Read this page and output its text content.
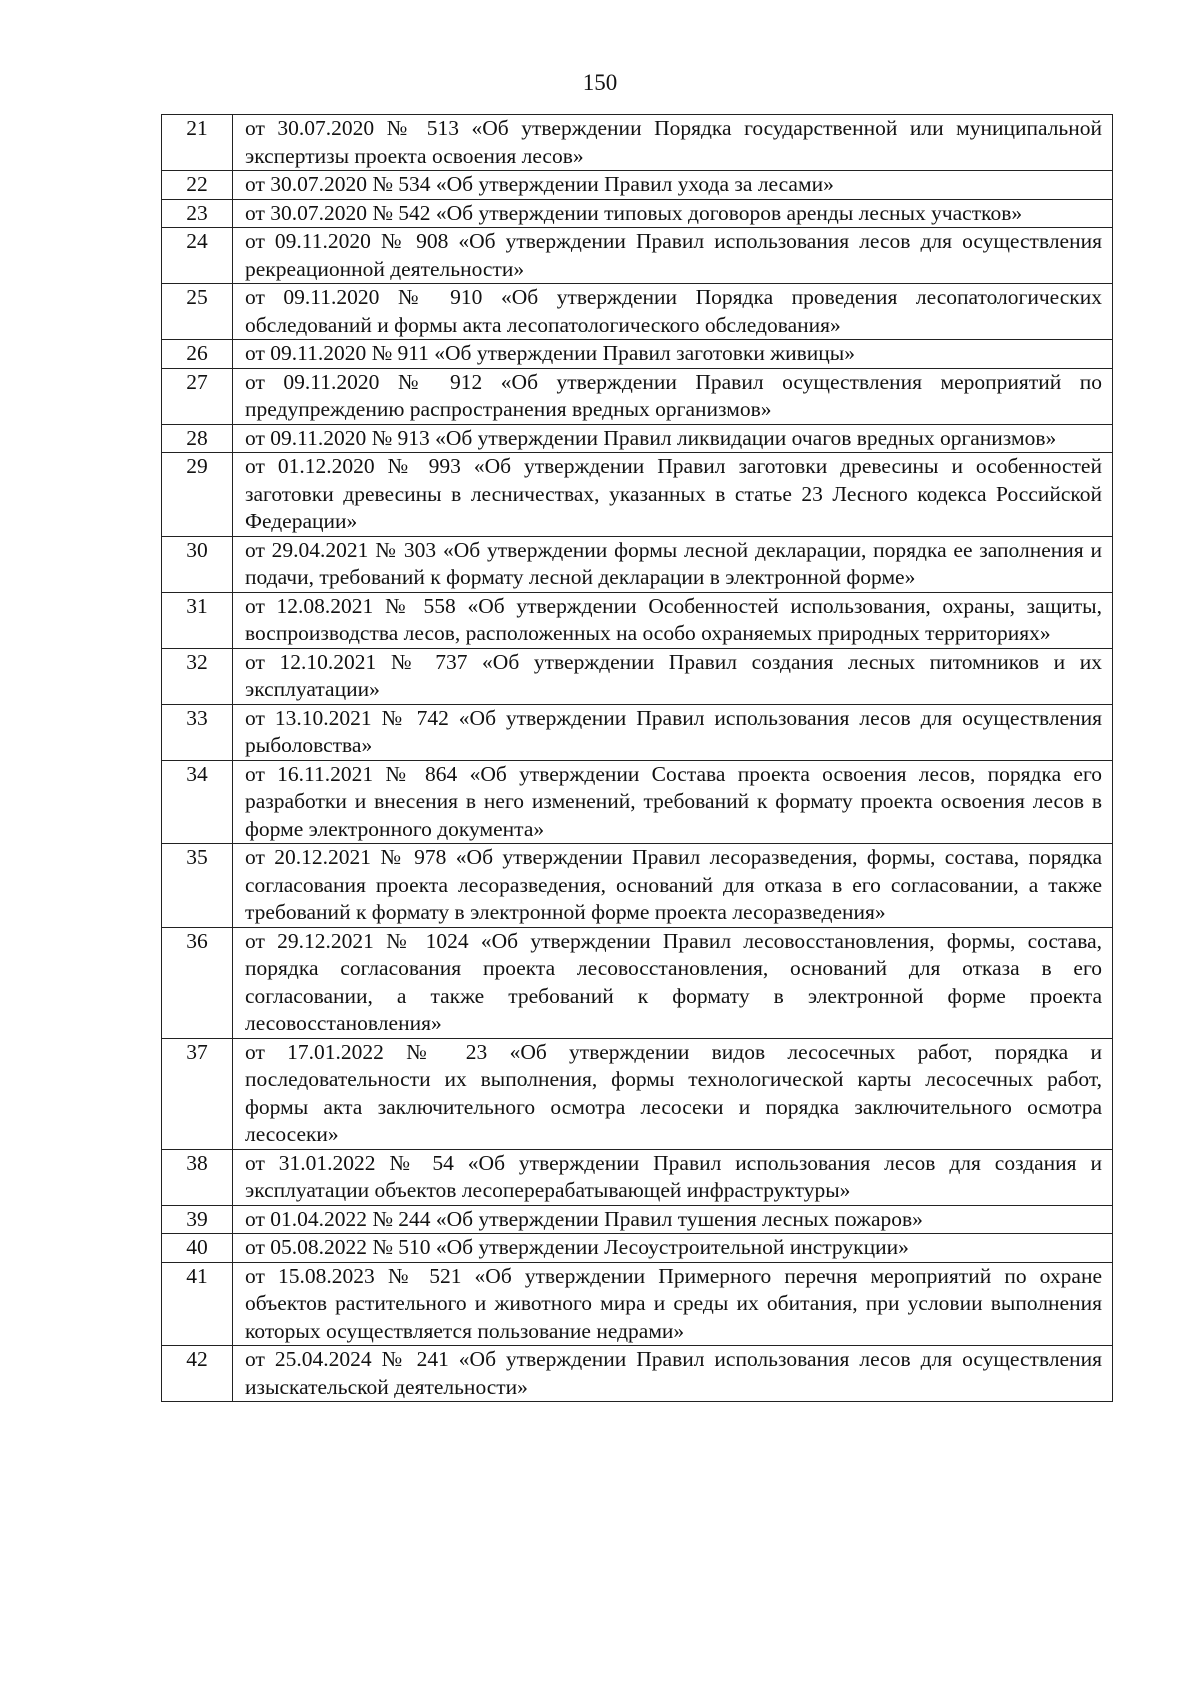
150
21	от 30.07.2020 № 513 «Об утверждении Порядка государственной или муниципальной экспертизы проекта освоения лесов»
22	от 30.07.2020 № 534 «Об утверждении Правил ухода за лесами»
23	от 30.07.2020 № 542 «Об утверждении типовых договоров аренды лесных участков»
24	от 09.11.2020 № 908 «Об утверждении Правил использования лесов для осуществления рекреационной деятельности»
25	от 09.11.2020 № 910 «Об утверждении Порядка проведения лесопатологических обследований и формы акта лесопатологического обследования»
26	от 09.11.2020 № 911 «Об утверждении Правил заготовки живицы»
27	от 09.11.2020 № 912 «Об утверждении Правил осуществления мероприятий по предупреждению распространения вредных организмов»
28	от 09.11.2020 № 913 «Об утверждении Правил ликвидации очагов вредных организмов»
29	от 01.12.2020 № 993 «Об утверждении Правил заготовки древесины и особенностей заготовки древесины в лесничествах, указанных в статье 23 Лесного кодекса Российской Федерации»
30	от 29.04.2021 № 303 «Об утверждении формы лесной декларации, порядка ее заполнения и подачи, требований к формату лесной декларации в электронной форме»
31	от 12.08.2021 № 558 «Об утверждении Особенностей использования, охраны, защиты, воспроизводства лесов, расположенных на особо охраняемых природных территориях»
32	от 12.10.2021 № 737 «Об утверждении Правил создания лесных питомников и их эксплуатации»
33	от 13.10.2021 № 742 «Об утверждении Правил использования лесов для осуществления рыболовства»
34	от 16.11.2021 № 864 «Об утверждении Состава проекта освоения лесов, порядка его разработки и внесения в него изменений, требований к формату проекта освоения лесов в форме электронного документа»
35	от 20.12.2021 № 978 «Об утверждении Правил лесоразведения, формы, состава, порядка согласования проекта лесоразведения, оснований для отказа в его согласовании, а также требований к формату в электронной форме проекта лесоразведения»
36	от 29.12.2021 № 1024 «Об утверждении Правил лесовосстановления, формы, состава, порядка согласования проекта лесовосстановления, оснований для отказа в его согласовании, а также требований к формату в электронной форме проекта лесовосстановления»
37	от 17.01.2022 № 23 «Об утверждении видов лесосечных работ, порядка и последовательности их выполнения, формы технологической карты лесосечных работ, формы акта заключительного осмотра лесосеки и порядка заключительного осмотра лесосеки»
38	от 31.01.2022 № 54 «Об утверждении Правил использования лесов для создания и эксплуатации объектов лесоперерабатывающей инфраструктуры»
39	от 01.04.2022 № 244 «Об утверждении Правил тушения лесных пожаров»
40	от 05.08.2022 № 510 «Об утверждении Лесоустроительной инструкции»
41	от 15.08.2023 № 521 «Об утверждении Примерного перечня мероприятий по охране объектов растительного и животного мира и среды их обитания, при условии выполнения которых осуществляется пользование недрами»
42	от 25.04.2024 № 241 «Об утверждении Правил использования лесов для осуществления изыскательской деятельности»
